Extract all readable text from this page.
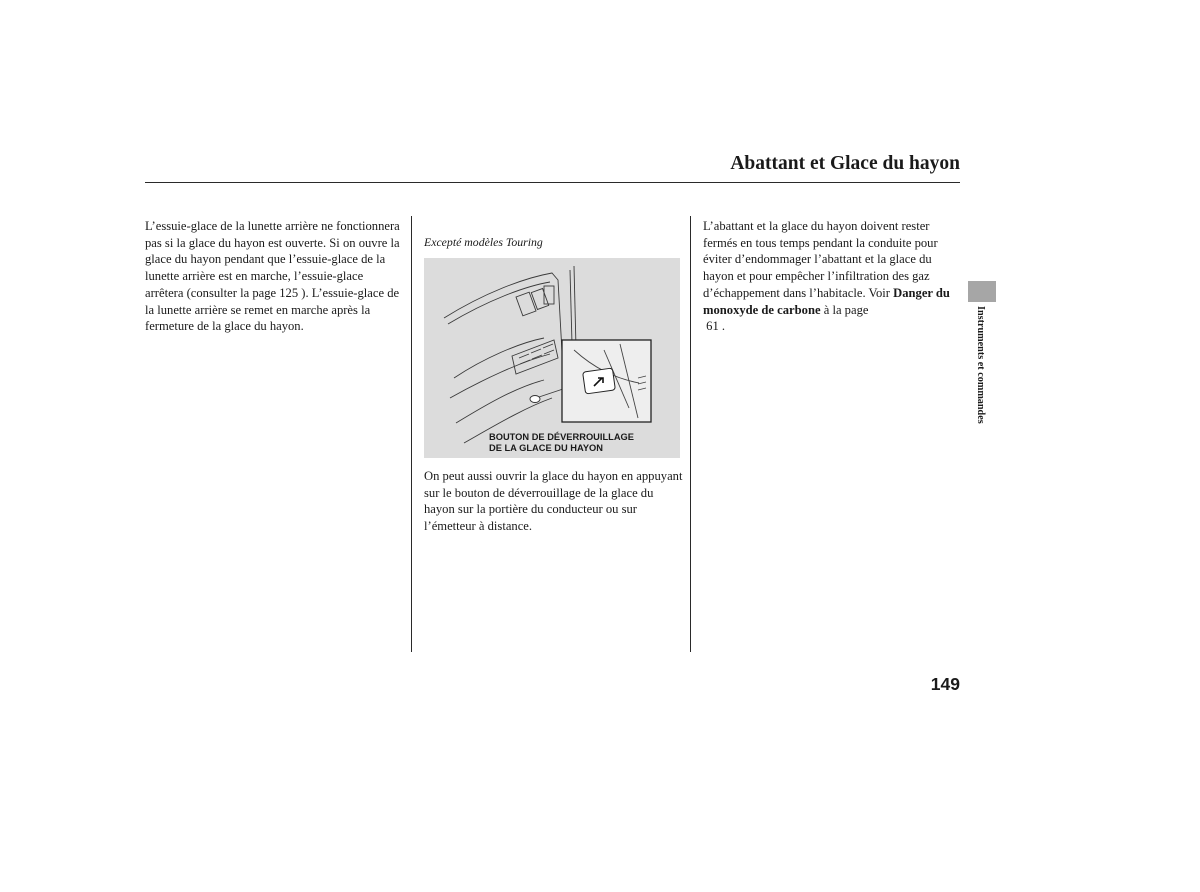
Abattant et Glace du hayon
L’essuie-glace de la lunette arrière ne fonctionnera pas si la glace du hayon est ouverte. Si on ouvre la glace du hayon pendant que l’essuie-glace de la lunette arrière est en marche, l’essuie-glace arrêtera (consulter la page 125 ). L’essuie-glace de la lunette arrière se remet en marche après la fermeture de la glace du hayon.
Excepté modèles Touring
BOUTON DE DÉVERROUILLAGE
DE LA GLACE DU HAYON
On peut aussi ouvrir la glace du hayon en appuyant sur le bouton de déverrouillage de la glace du hayon sur la portière du conducteur ou sur l’émetteur à distance.
L’abattant et la glace du hayon doivent rester fermés en tous temps pendant la conduite pour éviter d’endommager l’abattant et la glace du hayon et pour empêcher l’infiltration des gaz d’échappement dans l’habitacle. Voir Danger du monoxyde de carbone à la page
61 .	Instruments et commandes
149
